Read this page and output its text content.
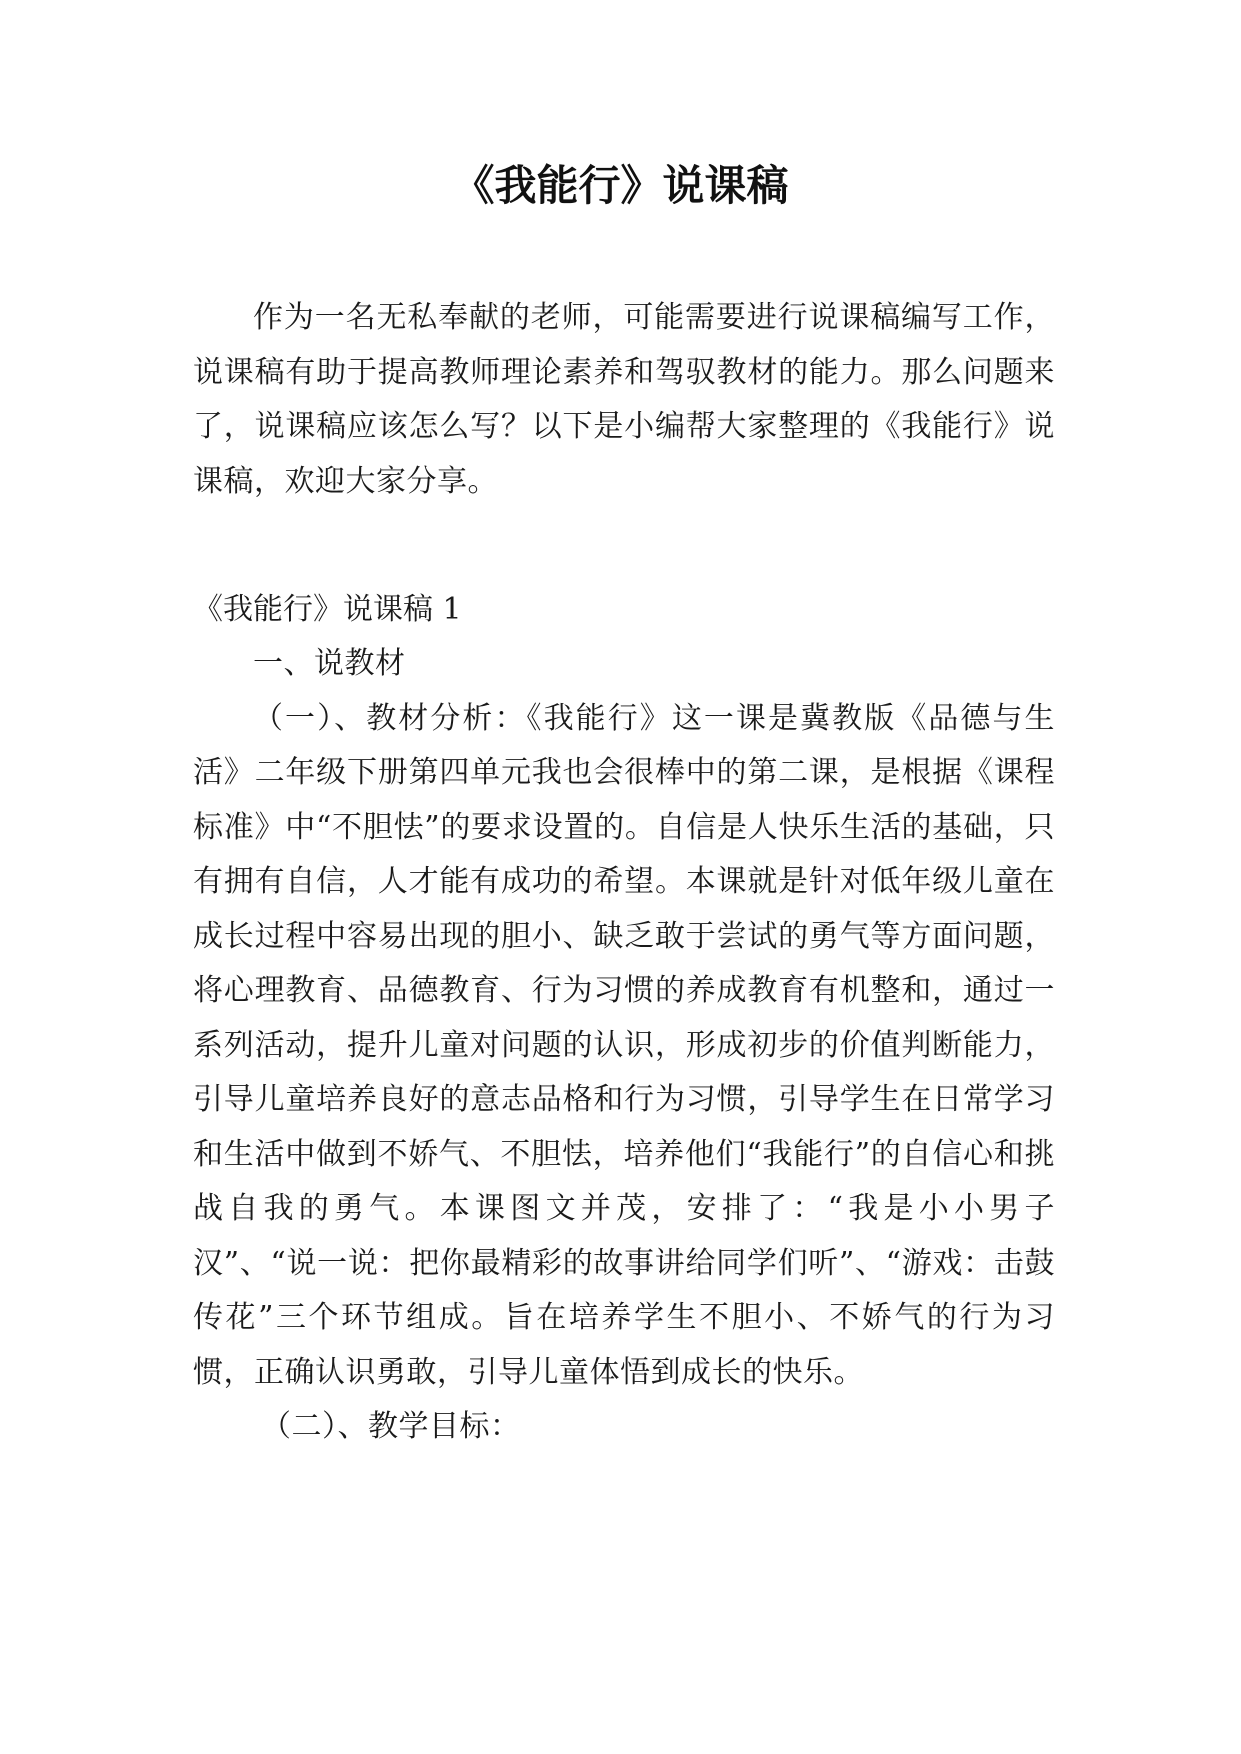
《我能行》说课稿

作为一名无私奉献的老师，可能需要进行说课稿编写工作，说课稿有助于提高教师理论素养和驾驭教材的能力。那么问题来了，说课稿应该怎么写？以下是小编帮大家整理的《我能行》说课稿，欢迎大家分享。

《我能行》说课稿 1

一、说教材

（一）、教材分析：《我能行》这一课是冀教版《品德与生活》二年级下册第四单元我也会很棒中的第二课，是根据《课程标准》中“不胆怯”的要求设置的。自信是人快乐生活的基础，只有拥有自信，人才能有成功的希望。本课就是针对低年级儿童在成长过程中容易出现的胆小、缺乏敢于尝试的勇气等方面问题，将心理教育、品德教育、行为习惯的养成教育有机整和，通过一系列活动，提升儿童对问题的认识，形成初步的价值判断能力，引导儿童培养良好的意志品格和行为习惯，引导学生在日常学习和生活中做到不娇气、不胆怯，培养他们“我能行”的自信心和挑战自我的勇气。本课图文并茂，安排了：“我是小小男子汉”、“说一说：把你最精彩的故事讲给同学们听”、“游戏：击鼓传花”三个环节组成。旨在培养学生不胆小、不娇气的行为习惯，正确认识勇敢，引导儿童体悟到成长的快乐。

（二）、教学目标：
